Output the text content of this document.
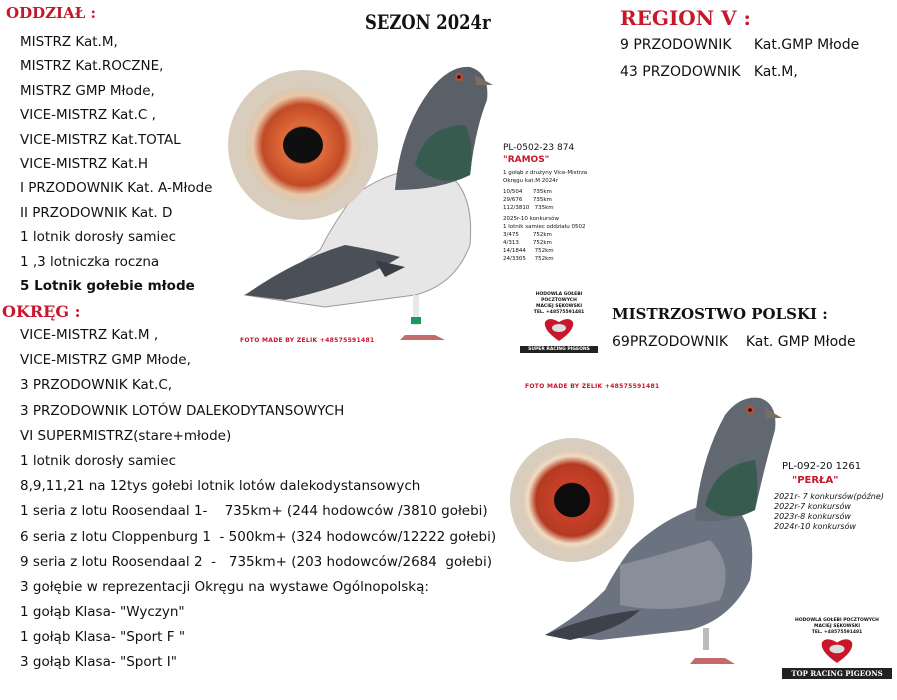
ODDZIAŁ :	SEZON 2024r	REGION V :
OKRĘG :	MISTRZOSTWO POLSKI :
MISTRZ Kat.M,
MISTRZ Kat.ROCZNE,
MISTRZ GMP Młode,
VICE-MISTRZ Kat.C ,
VICE-MISTRZ Kat.TOTAL
VICE-MISTRZ Kat.H
I PRZODOWNIK Kat. A-Młode
II PRZODOWNIK Kat. D
1 lotnik dorosły samiec
1 ,3 lotniczka roczna
5 Lotnik gołebie młode
9 PRZODOWNIK     Kat.GMP Młode
43 PRZODOWNIK   Kat.M,
69PRZODOWNIK    Kat. GMP Młode
VICE-MISTRZ Kat.M ,
VICE-MISTRZ GMP Młode,
3 PRZODOWNIK Kat.C,
3 PRZODOWNIK LOTÓW DALEKODYTANSOWYCH
VI SUPERMISTRZ(stare+młode)
1 lotnik dorosły samiec
8,9,11,21 na 12tys gołebi lotnik lotów dalekodystansowych
1 seria z lotu Roosendaal 1-    735km+ (244 hodowców /3810 gołebi)
6 seria z lotu Cloppenburg 1  - 500km+ (324 hodowców/12222 gołebi)
9 seria z lotu Roosendaal 2  -   735km+ (203 hodowców/2684  gołebi)
3 gołębie w reprezentacji Okręgu na wystawe Ogólnopolską:
1 gołąb Klasa- "Wyczyn"
1 gołąb Klasa- "Sport F "
3 gołąb Klasa- "Sport I"
FOTO MADE BY ZELIK +48575591481
PL-0502-23 874
"RAMOS"
1 gołąb z drużyny Vice-Mistrza
Okręgu kat.M 2024r
10/504      735km
29/676      735km
112/3810   735km
2025r-10 konkursów
1 lotnik samiec oddziału 0502
3/475        752km
4/313        752km
14/1844     752km
24/3305     752km
HODOWLA GOŁEBI POCZTOWYCH
MACIEJ SĘKOWSKI
TEL. +48575591481
SUPER RACING PIGEONS
FOTO MADE BY ZELIK +48575591481
PL-092-20 1261
"PERŁA"
2021r- 7 konkursów(późne)
2022r-7 konkursów
2023r-8 konkursów
2024r-10 konkursów
HODOWLA GOŁEBI POCZTOWYCH
MACIEJ SĘKOWSKI
TEL. +48575591481
TOP RACING PIGEONS
